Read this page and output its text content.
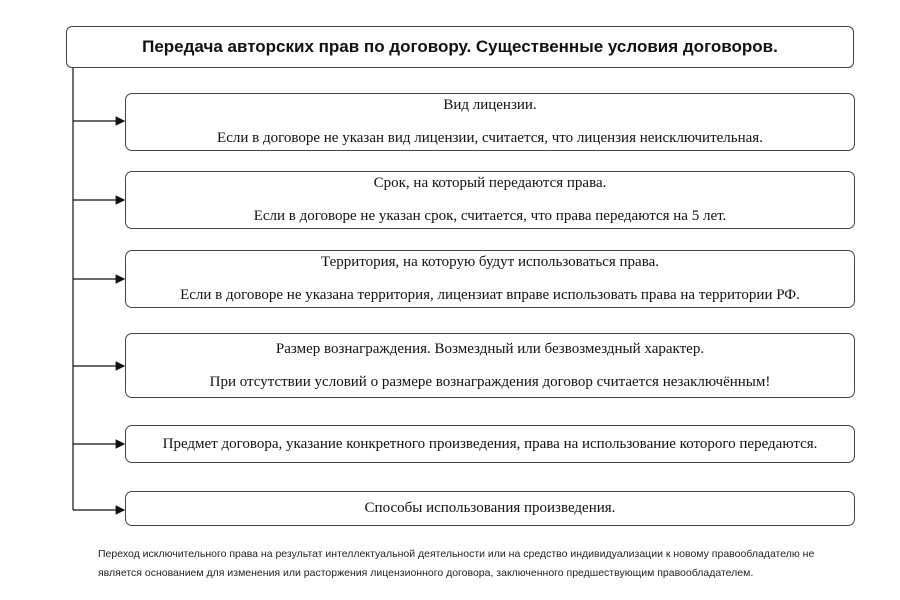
Передача авторских прав по договору. Существенные условия договоров.
Вид лицензии.
Если в договоре не указан вид лицензии, считается, что лицензия неисключительная.
Срок, на который передаются права.
Если в договоре не указан срок, считается, что права передаются на 5 лет.
Территория, на которую будут использоваться права.
Если в договоре не указана территория, лицензиат вправе использовать права на территории РФ.
Размер вознаграждения. Возмездный или безвозмездный характер.
При отсутствии условий о размере вознаграждения договор считается незаключённым!
Предмет договора, указание конкретного произведения, права на использование которого передаются.
Способы использования произведения.
Переход исключительного права на результат интеллектуальной деятельности или на средство индивидуализации к новому правообладателю не является основанием для изменения или расторжения лицензионного договора, заключенного предшествующим правообладателем.
